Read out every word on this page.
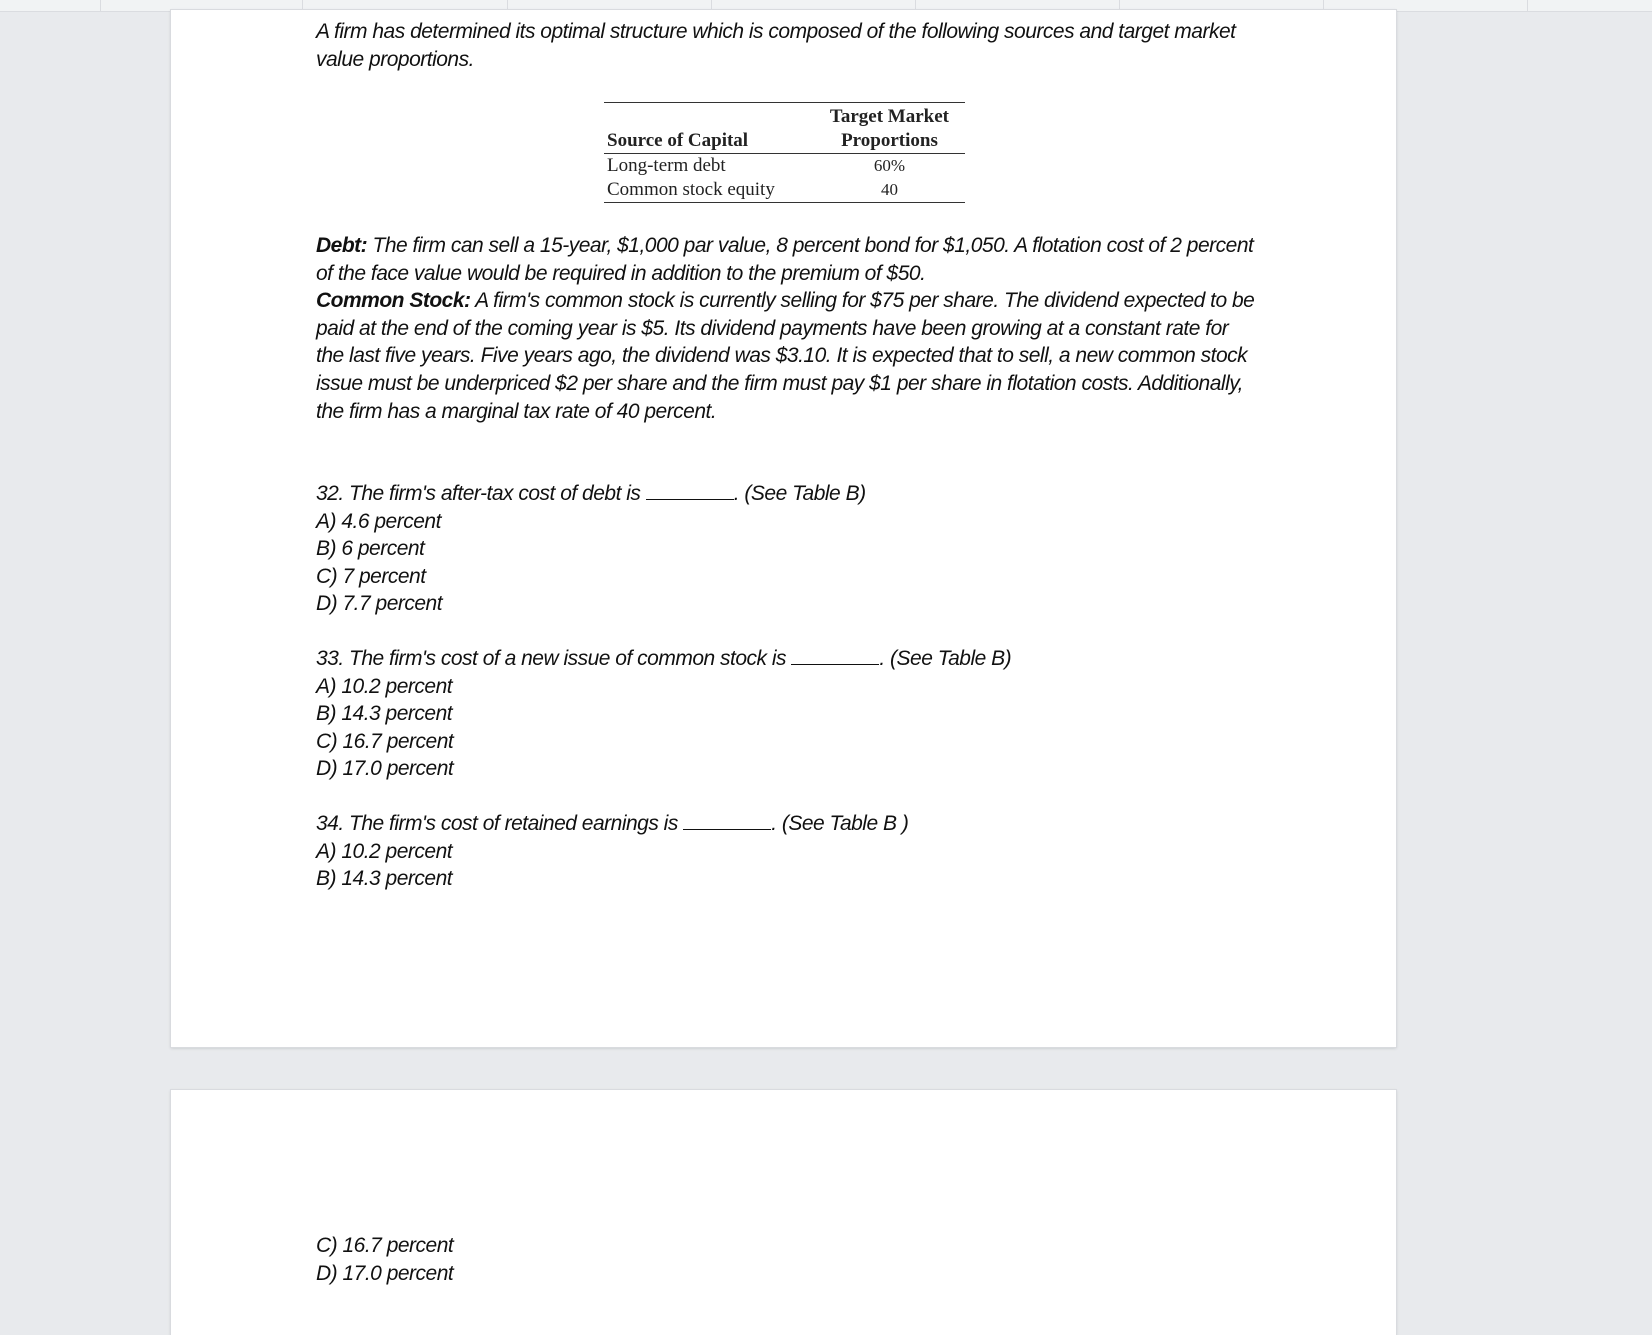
A firm has determined its optimal structure which is composed of the following sources and target market value proportions.
Source of Capital	Target Market
	Proportions
Long-term debt	60%
Common stock equity	40

Debt: The firm can sell a 15-year, $1,000 par value, 8 percent bond for $1,050. A flotation cost of 2 percent of the face value would be required in addition to the premium of $50.

Common Stock: A firm's common stock is currently selling for $75 per share. The dividend expected to be paid at the end of the coming year is $5. Its dividend payments have been growing at a constant rate for the last five years. Five years ago, the dividend was $3.10. It is expected that to sell, a new common stock issue must be underpriced $2 per share and the firm must pay $1 per share in flotation costs. Additionally, the firm has a marginal tax rate of 40 percent.

32. The firm's after-tax cost of debt is	. (See Table B)

A) 4.6 percent

B) 6 percent

C) 7 percent

D) 7.7 percent

33. The firm's cost of a new issue of common stock is	. (See Table B)

A) 10.2 percent

B) 14.3 percent

C) 16.7 percent

D) 17.0 percent

34. The firm's cost of retained earnings is	. (See Table B )

A) 10.2 percent

B) 14.3 percent

C) 16.7 percent

D) 17.0 percent
